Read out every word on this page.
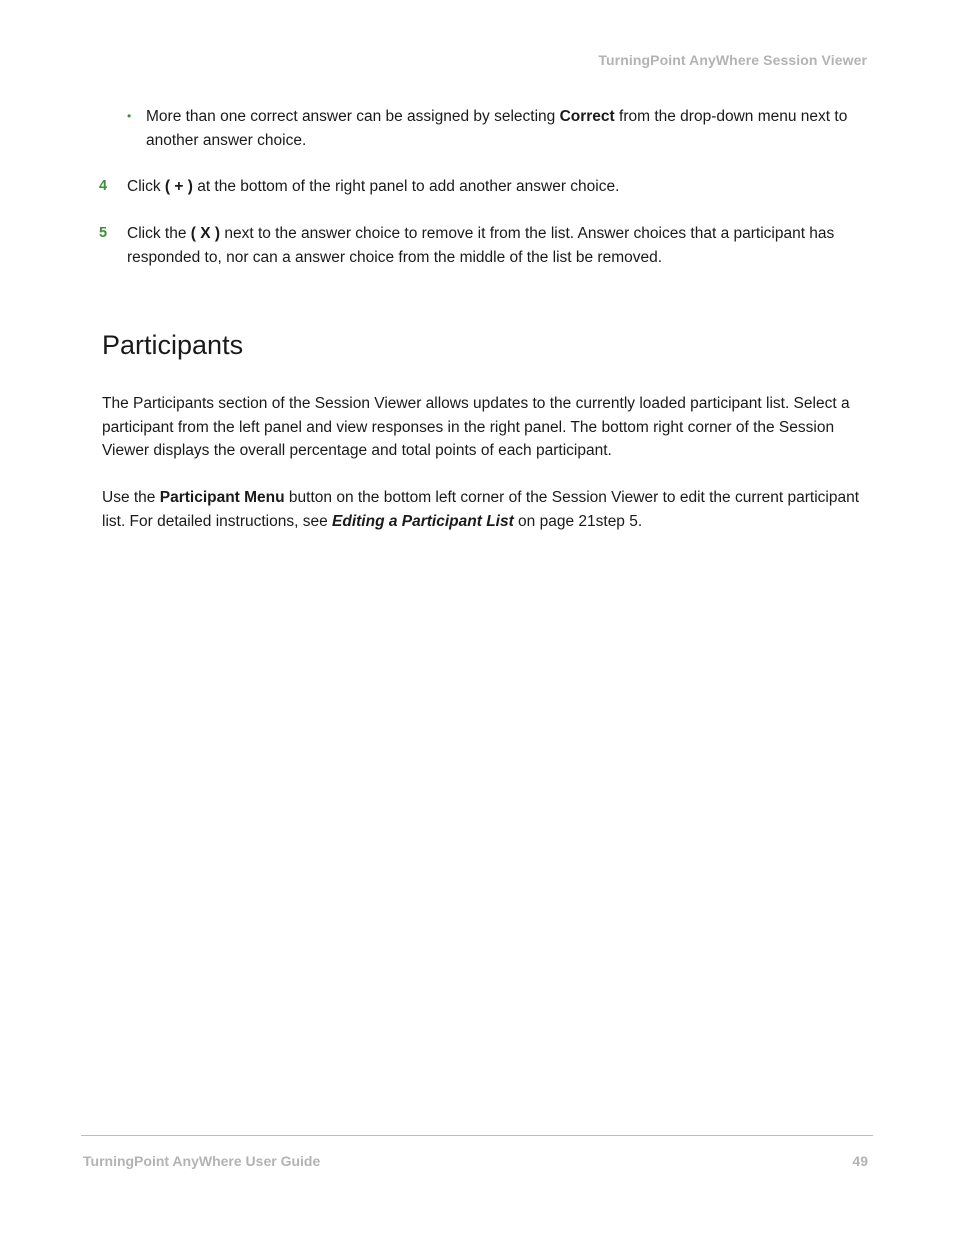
TurningPoint AnyWhere Session Viewer
• More than one correct answer can be assigned by selecting Correct from the drop-down menu next to another answer choice.
4 Click ( + ) at the bottom of the right panel to add another answer choice.
5 Click the ( X ) next to the answer choice to remove it from the list. Answer choices that a participant has responded to, nor can a answer choice from the middle of the list be removed.
Participants

The Participants section of the Session Viewer allows updates to the currently loaded participant list. Select a participant from the left panel and view responses in the right panel. The bottom right corner of the Session Viewer displays the overall percentage and total points of each participant.

Use the Participant Menu button on the bottom left corner of the Session Viewer to edit the current participant list. For detailed instructions, see Editing a Participant List on page 21step 5.

TurningPoint AnyWhere User Guide	49
